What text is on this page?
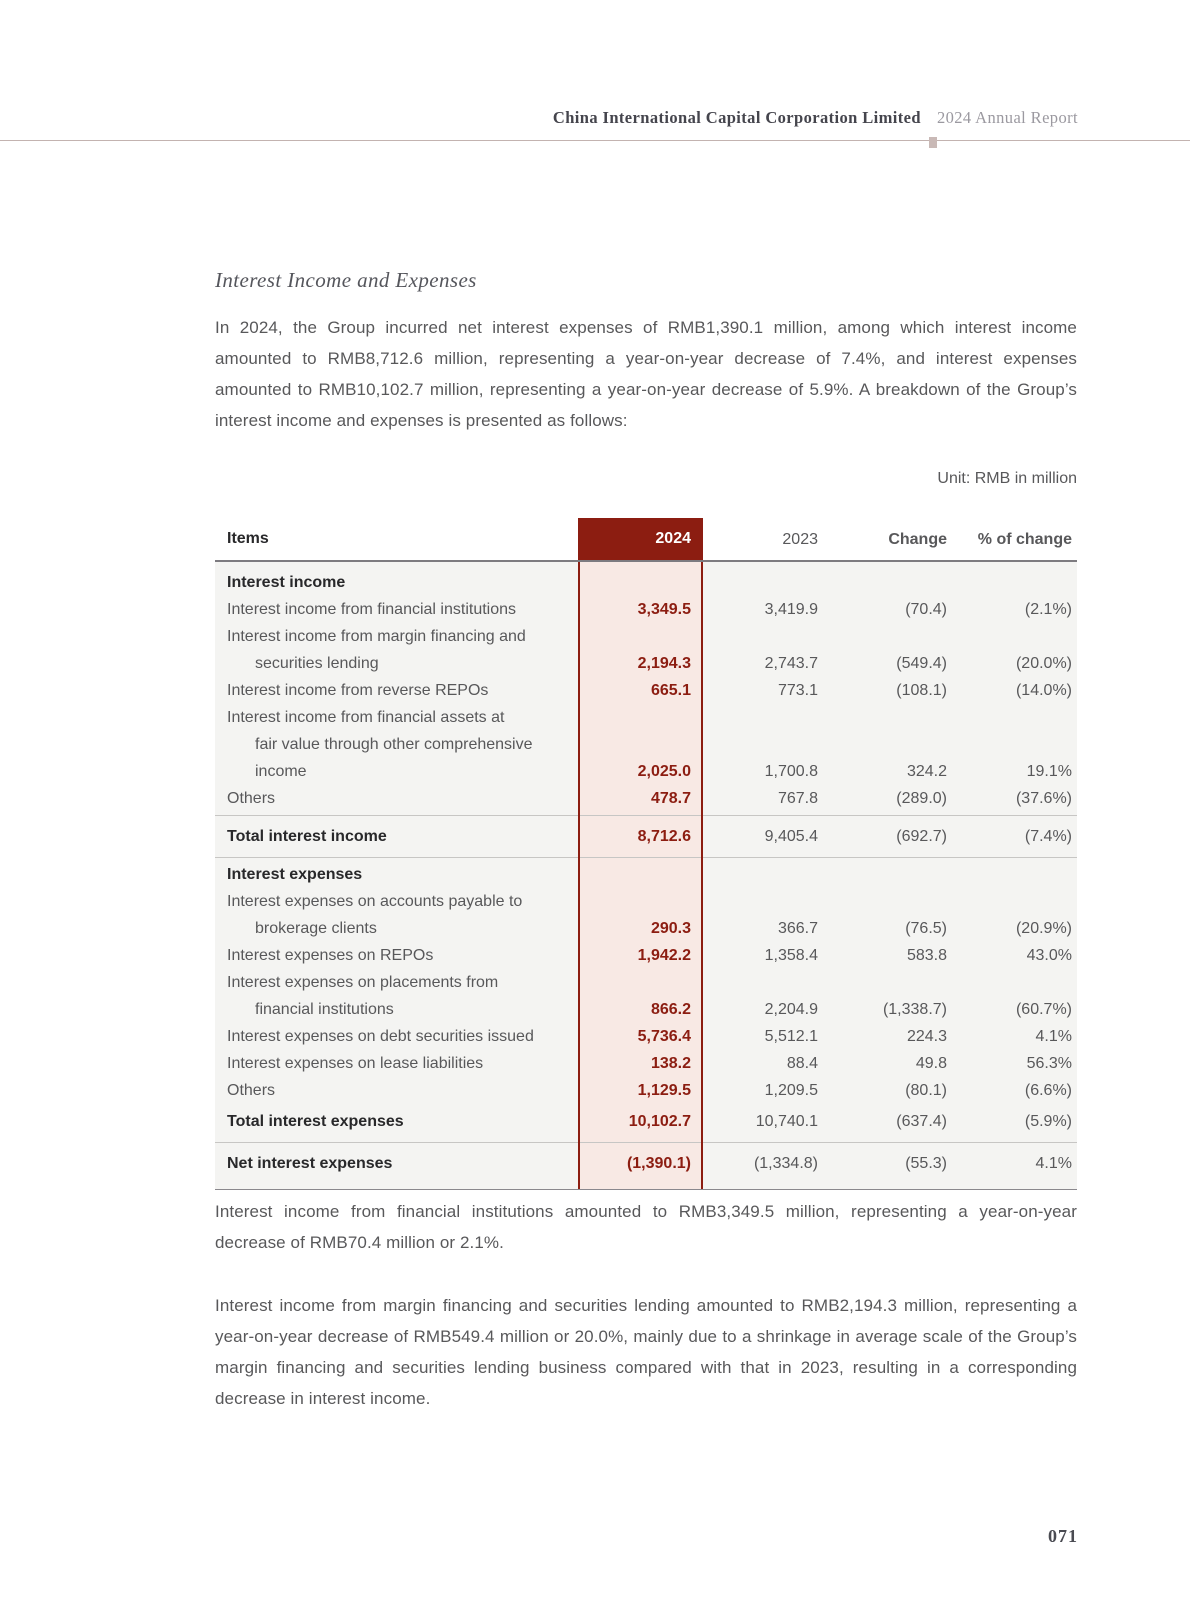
China International Capital Corporation Limited 2024 Annual Report
Interest Income and Expenses
In 2024, the Group incurred net interest expenses of RMB1,390.1 million, among which interest income amounted to RMB8,712.6 million, representing a year-on-year decrease of 7.4%, and interest expenses amounted to RMB10,102.7 million, representing a year-on-year decrease of 5.9%. A breakdown of the Group’s interest income and expenses is presented as follows:
Unit: RMB in million
Items	2024	2023	Change	% of change
Interest income
Interest income from financial institutions	3,349.5	3,419.9	(70.4)	(2.1%)
Interest income from margin financing and
securities lending	2,194.3	2,743.7	(549.4)	(20.0%)
Interest income from reverse REPOs	665.1	773.1	(108.1)	(14.0%)
Interest income from financial assets at
fair value through other comprehensive
income	2,025.0	1,700.8	324.2	19.1%
Others	478.7	767.8	(289.0)	(37.6%)
Total interest income	8,712.6	9,405.4	(692.7)	(7.4%)
Interest expenses
Interest expenses on accounts payable to
brokerage clients	290.3	366.7	(76.5)	(20.9%)
Interest expenses on REPOs	1,942.2	1,358.4	583.8	43.0%
Interest expenses on placements from
financial institutions	866.2	2,204.9	(1,338.7)	(60.7%)
Interest expenses on debt securities issued	5,736.4	5,512.1	224.3	4.1%
Interest expenses on lease liabilities	138.2	88.4	49.8	56.3%
Others	1,129.5	1,209.5	(80.1)	(6.6%)
Total interest expenses	10,102.7	10,740.1	(637.4)	(5.9%)
Net interest expenses	(1,390.1)	(1,334.8)	(55.3)	4.1%
Interest income from financial institutions amounted to RMB3,349.5 million, representing a year-on-year decrease of RMB70.4 million or 2.1%.
Interest income from margin financing and securities lending amounted to RMB2,194.3 million, representing a year-on-year decrease of RMB549.4 million or 20.0%, mainly due to a shrinkage in average scale of the Group’s margin financing and securities lending business compared with that in 2023, resulting in a corresponding decrease in interest income.
071
